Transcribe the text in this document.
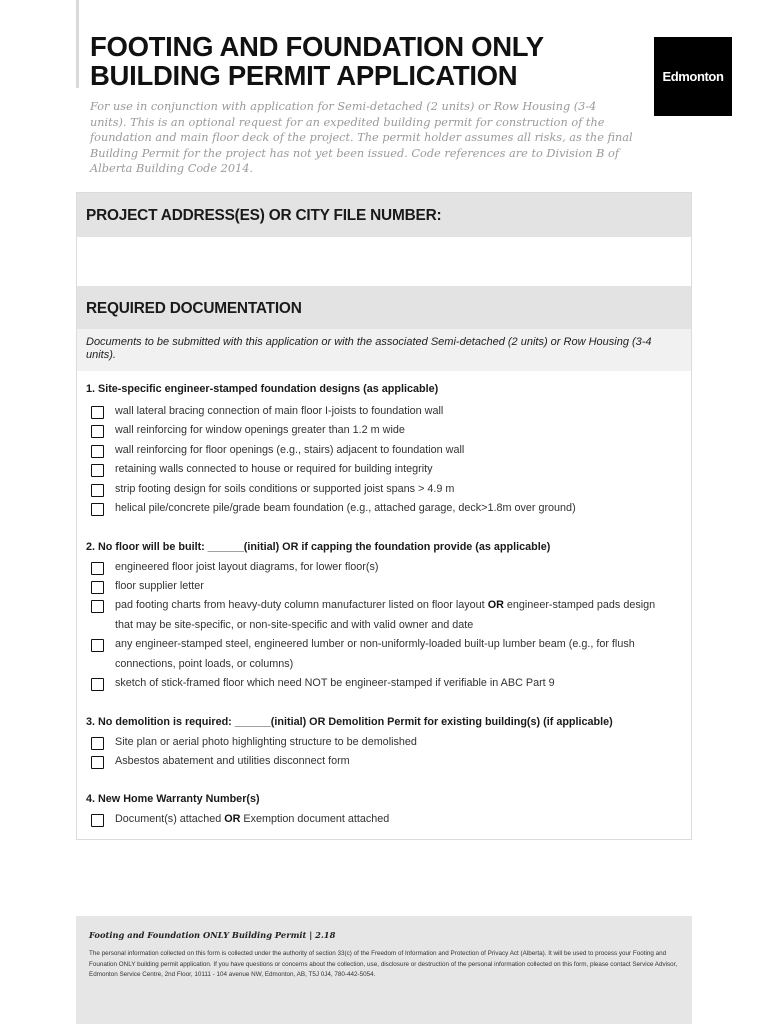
FOOTING AND FOUNDATION ONLY
BUILDING PERMIT APPLICATION	Edmonton
For use in conjunction with application for Semi-detached (2 units) or Row Housing (3-4 units). This is an optional request for an expedited building permit for construction of the foundation and main floor deck of the project. The permit holder assumes all risks, as the final Building Permit for the project has not yet been issued. Code references are to Division B of Alberta Building Code 2014.
PROJECT ADDRESS(ES) OR CITY FILE NUMBER:
REQUIRED DOCUMENTATION
Documents to be submitted with this application or with the associated Semi-detached (2 units) or Row Housing (3-4 units).
1. Site-specific engineer-stamped foundation designs (as applicable)
wall lateral bracing connection of main floor I-joists to foundation wall
wall reinforcing for window openings greater than 1.2 m wide
wall reinforcing for floor openings (e.g., stairs) adjacent to foundation wall
retaining walls connected to house or required for building integrity
strip footing design for soils conditions or supported joist spans > 4.9 m
helical pile/concrete pile/grade beam foundation (e.g., attached garage, deck>1.8m over ground)
2. No floor will be built: ______(initial) OR if capping the foundation provide (as applicable)
engineered floor joist layout diagrams, for lower floor(s)
floor supplier letter
pad footing charts from heavy-duty column manufacturer listed on floor layout OR engineer-stamped pads design that may be site-specific, or non-site-specific and with valid owner and date
any engineer-stamped steel, engineered lumber or non-uniformly-loaded built-up lumber beam (e.g., for flush connections, point loads, or columns)
sketch of stick-framed floor which need NOT be engineer-stamped if verifiable in ABC Part 9
3. No demolition is required: ______(initial) OR Demolition Permit for existing building(s) (if applicable)
Site plan or aerial photo highlighting structure to be demolished
Asbestos abatement and utilities disconnect form
4. New Home Warranty Number(s)
Document(s) attached OR Exemption document attached
Footing and Foundation ONLY Building Permit | 2.18
The personal information collected on this form is collected under the authority of section 33(c) of the Freedom of Information and Protection of Privacy Act (Alberta). It will be used to process your Footing and Founation ONLY building permit application. If you have questions or concerns about the collection, use, disclosure or destruction of the personal information collected on this form, please contact Service Advisor, Edmonton Service Centre, 2nd Floor, 10111 - 104 avenue NW, Edmonton, AB, T5J 0J4, 780-442-5054.
